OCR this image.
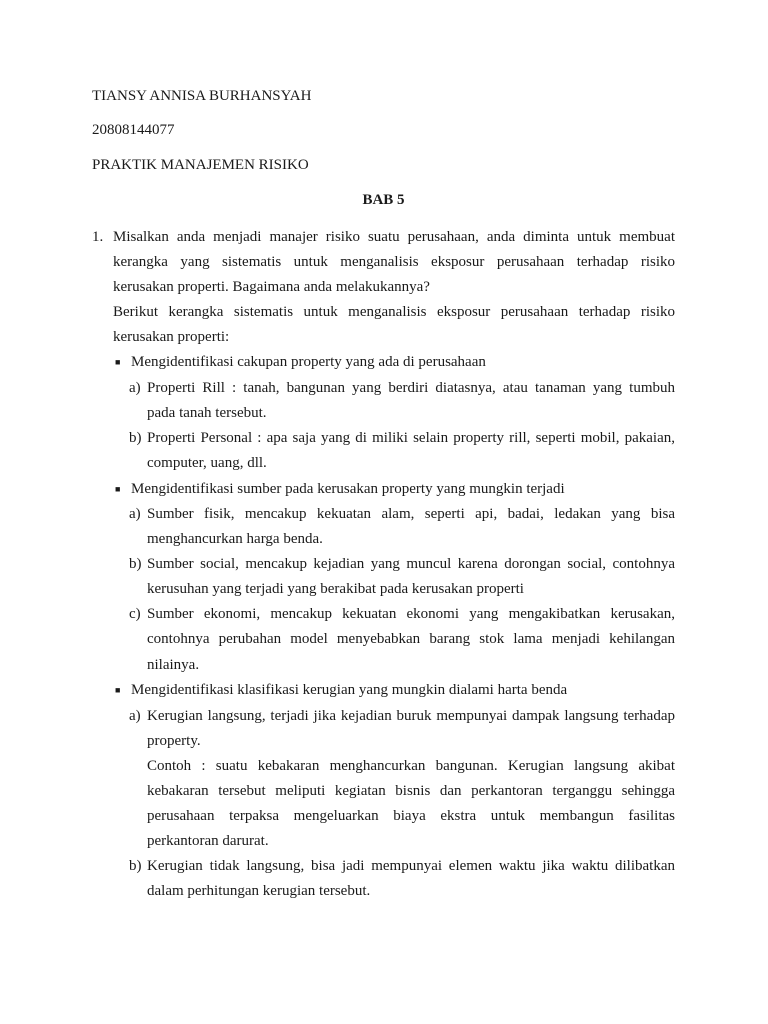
TIANSY ANNISA BURHANSYAH
20808144077
PRAKTIK MANAJEMEN RISIKO
BAB 5
1. Misalkan anda menjadi manajer risiko suatu perusahaan, anda diminta untuk membuat
kerangka yang sistematis untuk menganalisis eksposur perusahaan terhadap risiko
kerusakan properti. Bagaimana anda melakukannya?
Berikut kerangka sistematis untuk menganalisis eksposur perusahaan terhadap risiko
kerusakan properti:
■ Mengidentifikasi cakupan property yang ada di perusahaan
a) Properti Rill : tanah, bangunan yang berdiri diatasnya, atau tanaman yang tumbuh
pada tanah tersebut.
b) Properti Personal : apa saja yang di miliki selain property rill, seperti mobil, pakaian,
computer, uang, dll.
■ Mengidentifikasi sumber pada kerusakan property yang mungkin terjadi
a) Sumber fisik, mencakup kekuatan alam, seperti api, badai, ledakan yang bisa
menghancurkan harga benda.
b) Sumber social, mencakup kejadian yang muncul karena dorongan social, contohnya
kerusuhan yang terjadi yang berakibat pada kerusakan properti
c) Sumber ekonomi, mencakup kekuatan ekonomi yang mengakibatkan kerusakan,
contohnya perubahan model menyebabkan barang stok lama menjadi kehilangan
nilainya.
■ Mengidentifikasi klasifikasi kerugian yang mungkin dialami harta benda
a) Kerugian langsung, terjadi jika kejadian buruk mempunyai dampak langsung terhadap
property.
Contoh : suatu kebakaran menghancurkan bangunan. Kerugian langsung akibat
kebakaran tersebut meliputi kegiatan bisnis dan perkantoran terganggu sehingga
perusahaan terpaksa mengeluarkan biaya ekstra untuk membangun fasilitas
perkantoran darurat.
b) Kerugian tidak langsung, bisa jadi mempunyai elemen waktu jika waktu dilibatkan
dalam perhitungan kerugian tersebut.
